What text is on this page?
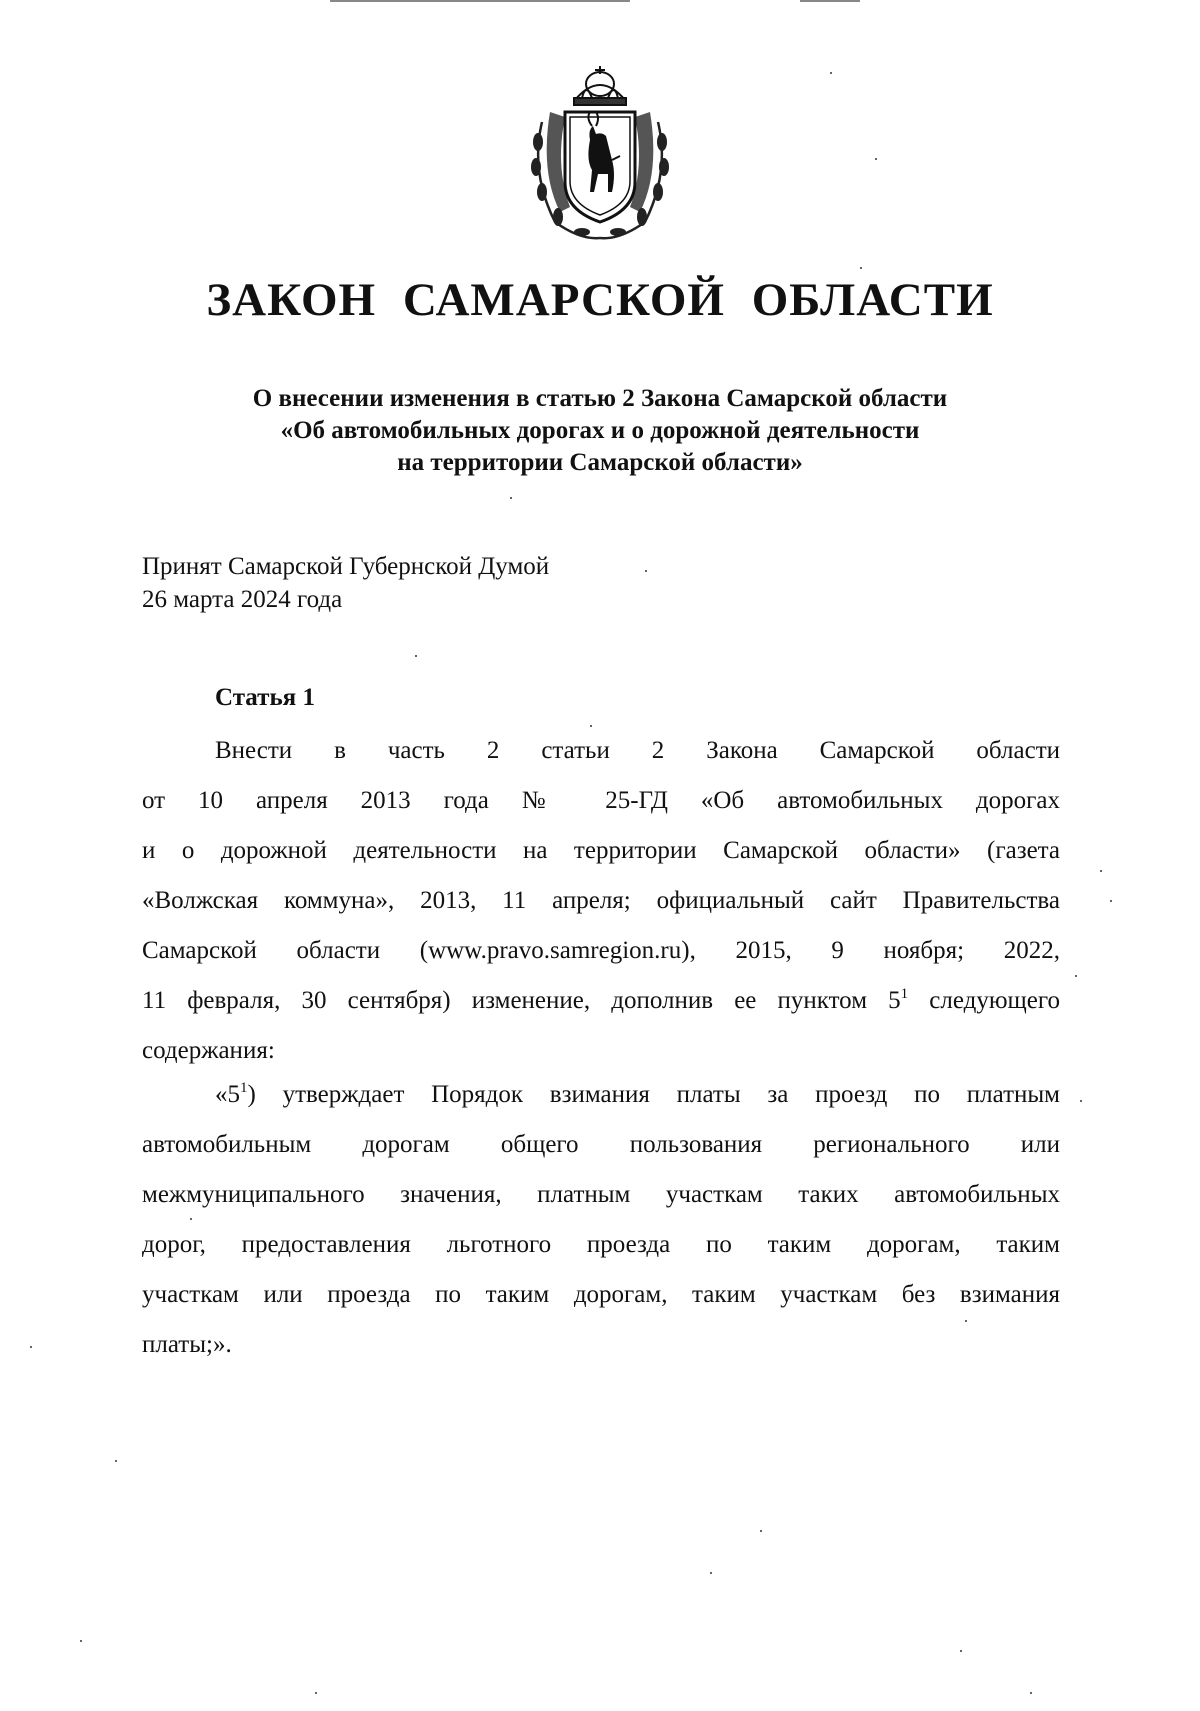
ЗАКОН САМАРСКОЙ ОБЛАСТИ
О внесении изменения в статью 2 Закона Самарской области
«Об автомобильных дорогах и о дорожной деятельности
на территории Самарской области»
Принят Самарской Губернской Думой
26 марта 2024 года
Статья 1
Внести в часть 2 статьи 2 Закона Самарской области
от 10 апреля 2013 года № 25-ГД «Об автомобильных дорогах
и о дорожной деятельности на территории Самарской области» (газета
«Волжская коммуна», 2013, 11 апреля; официальный сайт Правительства
Самарской области (www.pravo.samregion.ru), 2015, 9 ноября; 2022,
11 февраля, 30 сентября) изменение, дополнив ее пунктом $5^1$ следующего
содержания:
«$5^1$) утверждает Порядок взимания платы за проезд по платным
автомобильным дорогам общего пользования регионального или
межмуниципального значения, платным участкам таких автомобильных
дорог, предоставления льготного проезда по таким дорогам, таким
участкам или проезда по таким дорогам, таким участкам без взимания
платы;».
